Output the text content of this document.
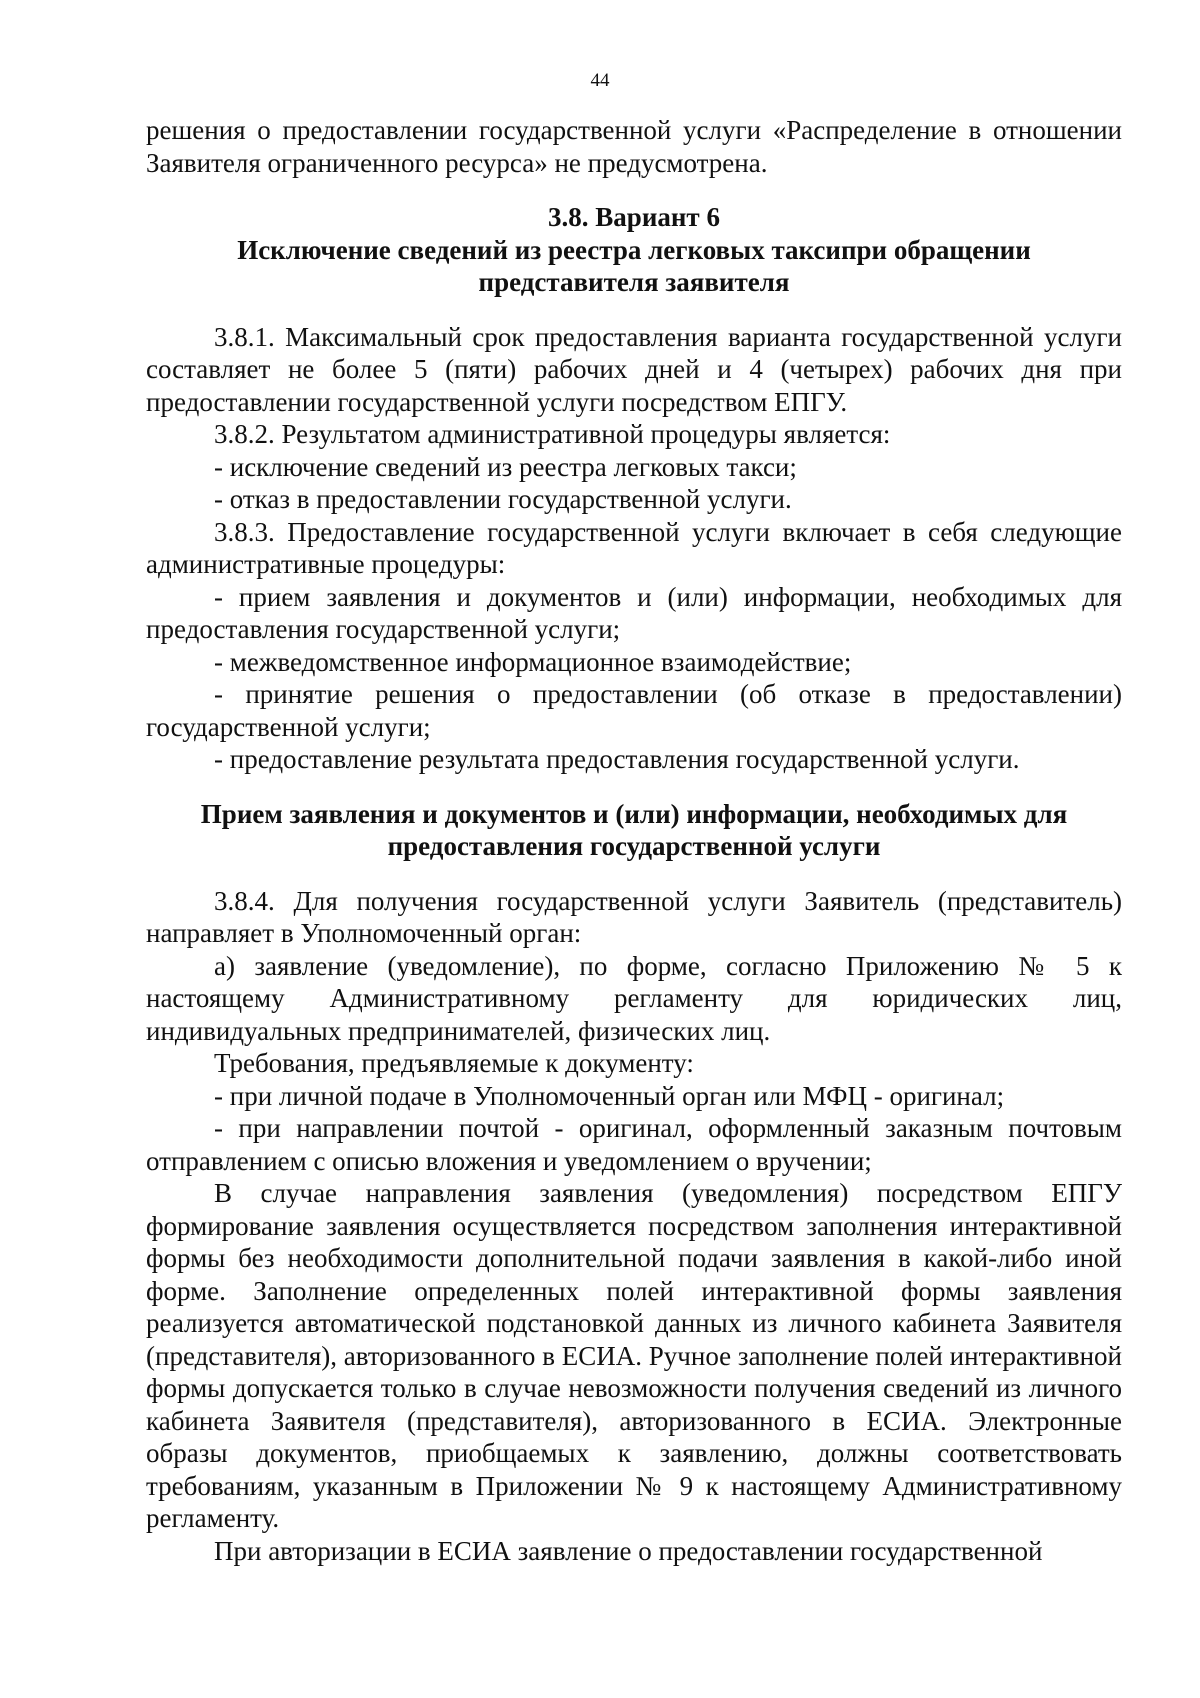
44

решения о предоставлении государственной услуги «Распределение в отношении Заявителя ограниченного ресурса» не предусмотрена.

3.8. Вариант 6
Исключение сведений из реестра легковых таксипри обращении
представителя заявителя

3.8.1. Максимальный срок предоставления варианта государственной услуги составляет не более 5 (пяти) рабочих дней и 4 (четырех) рабочих дня при предоставлении государственной услуги посредством ЕПГУ.

3.8.2. Результатом административной процедуры является:

- исключение сведений из реестра легковых такси;

- отказ в предоставлении государственной услуги.

3.8.3. Предоставление государственной услуги включает в себя следующие административные процедуры:

- прием заявления и документов и (или) информации, необходимых для предоставления государственной услуги;

- межведомственное информационное взаимодействие;

- принятие решения о предоставлении (об отказе в предоставлении) государственной услуги;

- предоставление результата предоставления государственной услуги.

Прием заявления и документов и (или) информации, необходимых для
предоставления государственной услуги

3.8.4. Для получения государственной услуги Заявитель (представитель) направляет в Уполномоченный орган:

а) заявление (уведомление), по форме, согласно Приложению № 5 к настоящему Административному регламенту для юридических лиц, индивидуальных предпринимателей, физических лиц.

Требования, предъявляемые к документу:

- при личной подаче в Уполномоченный орган или МФЦ - оригинал;

- при направлении почтой - оригинал, оформленный заказным почтовым отправлением с описью вложения и уведомлением о вручении;

В случае направления заявления (уведомления) посредством ЕПГУ формирование заявления осуществляется посредством заполнения интерактивной формы без необходимости дополнительной подачи заявления в какой-либо иной форме. Заполнение определенных полей интерактивной формы заявления реализуется автоматической подстановкой данных из личного кабинета Заявителя (представителя), авторизованного в ЕСИА. Ручное заполнение полей интерактивной формы допускается только в случае невозможности получения сведений из личного кабинета Заявителя (представителя), авторизованного в ЕСИА. Электронные образы документов, приобщаемых к заявлению, должны соответствовать требованиям, указанным в Приложении № 9 к настоящему Административному регламенту.

При авторизации в ЕСИА заявление о предоставлении государственной
